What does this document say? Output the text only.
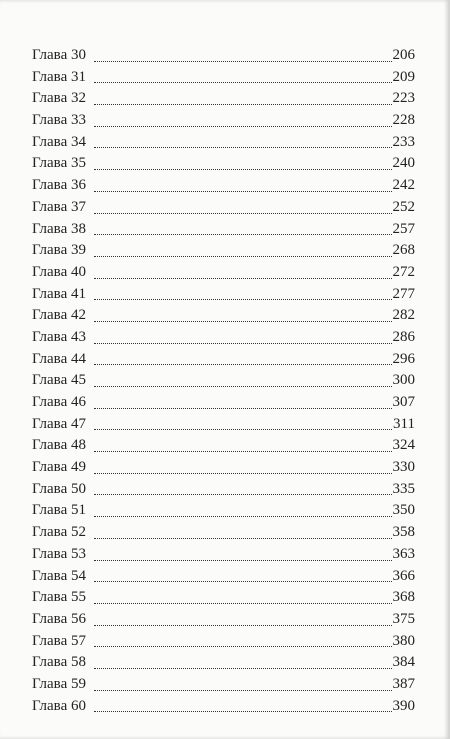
Глава 30	206
Глава 31	209
Глава 32	223
Глава 33	228
Глава 34	233
Глава 35	240
Глава 36	242
Глава 37	252
Глава 38	257
Глава 39	268
Глава 40	272
Глава 41	277
Глава 42	282
Глава 43	286
Глава 44	296
Глава 45	300
Глава 46	307
Глава 47	311
Глава 48	324
Глава 49	330
Глава 50	335
Глава 51	350
Глава 52	358
Глава 53	363
Глава 54	366
Глава 55	368
Глава 56	375
Глава 57	380
Глава 58	384
Глава 59	387
Глава 60	390
